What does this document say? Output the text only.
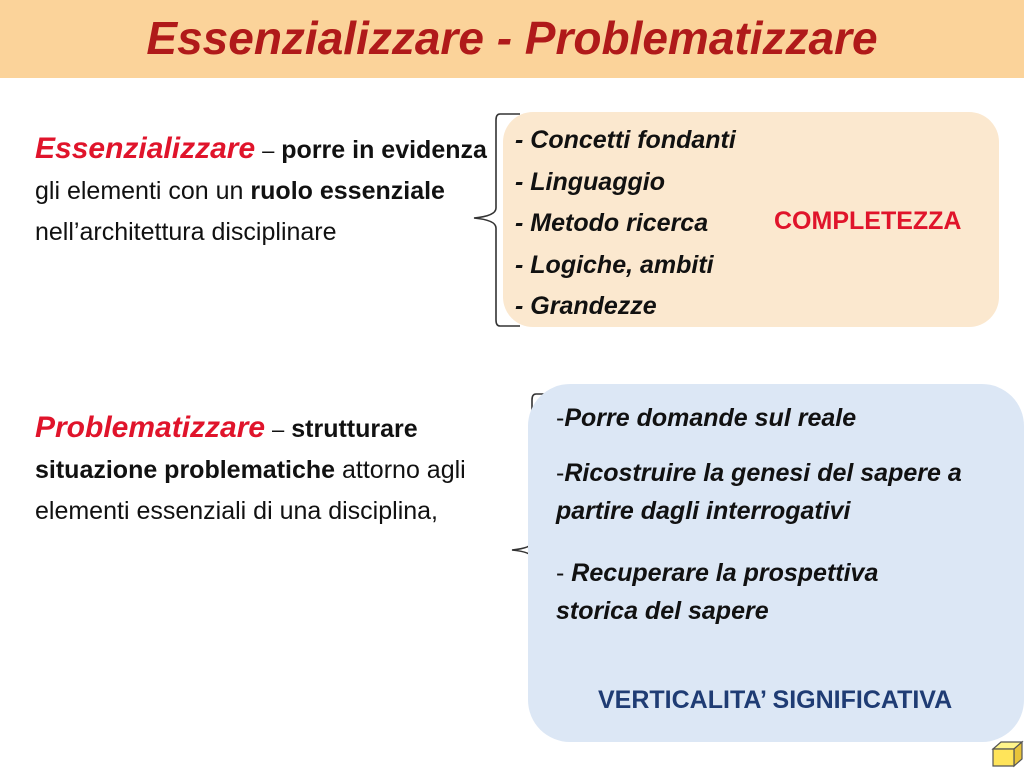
Essenzializzare - Problematizzare
Essenzializzare – porre in evidenza gli elementi con un ruolo essenziale nell’architettura disciplinare
- Concetti fondanti
- Linguaggio
- Metodo ricerca
- Logiche, ambiti
- Grandezze
COMPLETEZZA
Problematizzare – strutturare situazione problematiche attorno agli elementi essenziali di una disciplina,
-Porre domande sul reale
-Ricostruire la genesi del sapere a partire dagli interrogativi
- Recuperare la prospettiva storica del sapere
VERTICALITA’ SIGNIFICATIVA
